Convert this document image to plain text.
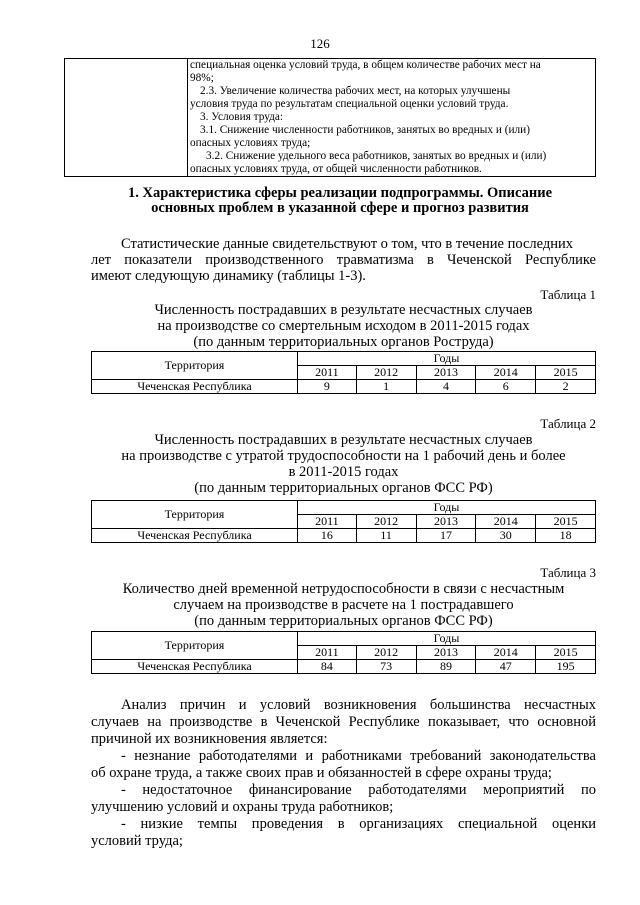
126

специальная оценка условий труда, в общем количестве рабочих мест на
98%;
2.3. Увеличение количества рабочих мест, на которых улучшены
условия труда по результатам специальной оценки условий труда.
3. Условия труда:
3.1. Снижение численности работников, занятых во вредных и (или)
опасных условиях труда;
3.2. Снижение удельного веса работников, занятых во вредных и (или)
опасных условиях труда, от общей численности работников.
1. Характеристика сферы реализации подпрограммы. Описание
основных проблем в указанной сфере и прогноз развития
Статистические данные свидетельствуют о том, что в течение последних
лет показатели производственного травматизма в Чеченской Республике
имеют следующую динамику (таблицы 1-3).
Таблица 1
Численность пострадавших в результате несчастных случаев
на производстве со смертельным исходом в 2011-2015 годах
(по данным территориальных органов Роструда)
Территория	Годы				
	2011	2012	2013	2014	2015
Чеченская Республика	9	1	4	6	2
Таблица 2
Численность пострадавших в результате несчастных случаев
на производстве с утратой трудоспособности на 1 рабочий день и более
в 2011-2015 годах
(по данным территориальных органов ФСС РФ)
Территория	Годы				
	2011	2012	2013	2014	2015
Чеченская Республика	16	11	17	30	18
Таблица 3
Количество дней временной нетрудоспособности в связи с несчастным
случаем на производстве в расчете на 1 пострадавшего
(по данным территориальных органов ФСС РФ)
Территория	Годы				
	2011	2012	2013	2014	2015
Чеченская Республика	84	73	89	47	195
Анализ причин и условий возникновения большинства несчастных
случаев на производстве в Чеченской Республике показывает, что основной
причиной их возникновения является:
- незнание работодателями и работниками требований законодательства
об охране труда, а также своих прав и обязанностей в сфере охраны труда;
- недостаточное финансирование работодателями мероприятий по
улучшению условий и охраны труда работников;
- низкие темпы проведения в организациях специальной оценки
условий труда;
